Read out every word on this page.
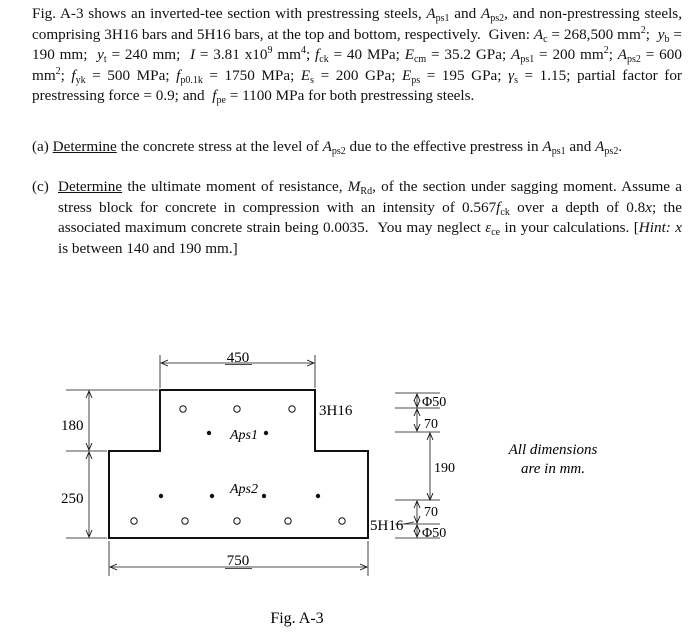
Fig. A-3 shows an inverted-tee section with prestressing steels, $A_{ps1}$ and $A_{ps2}$, and non-prestressing steels, comprising 3H16 bars and 5H16 bars, at the top and bottom, respectively.  Given: $A_c = 268,500$ $mm^2$;  $y_b = 190$ mm;  $y_t = 240$ mm;  I = 3.81 $x10^9$ $mm^4$; $f_{ck} = 40$ MPa; $E_{cm} = 35.2$ GPa; $A_{ps1} = 200$ $mm^2$; $A_{ps2} = 600$ $mm^2$; $f_{yk} = 500$ MPa; $f_{p0.1k} = 1750$ MPa; $E_s = 200$ GPa; $E_{ps} = 195$ GPa; $\gamma_s = 1.15$; partial factor for prestressing force = 0.9; and  $f_{pe} = 1100$ MPa for both prestressing steels.

(a) Determine the concrete stress at the level of $A_{ps2}$ due to the effective prestress in $A_{ps1}$ and $A_{ps2}$.

(c) Determine the ultimate moment of resistance, $M_{Rd}$, of the section under sagging moment. Assume a stress block for concrete in compression with an intensity of $0.567f_{ck}$ over a depth of 0.8x; the associated maximum concrete strain being 0.0035.  You may neglect $\varepsilon_{ce}$ in your calculations. [Hint: x is between 140 and 190 mm.]

450
750
180
250
3H16
Aps1
Aps2
5H16
Φ50
70
190
70
Φ50
All dimensions
are in mm.
Fig. A-3
